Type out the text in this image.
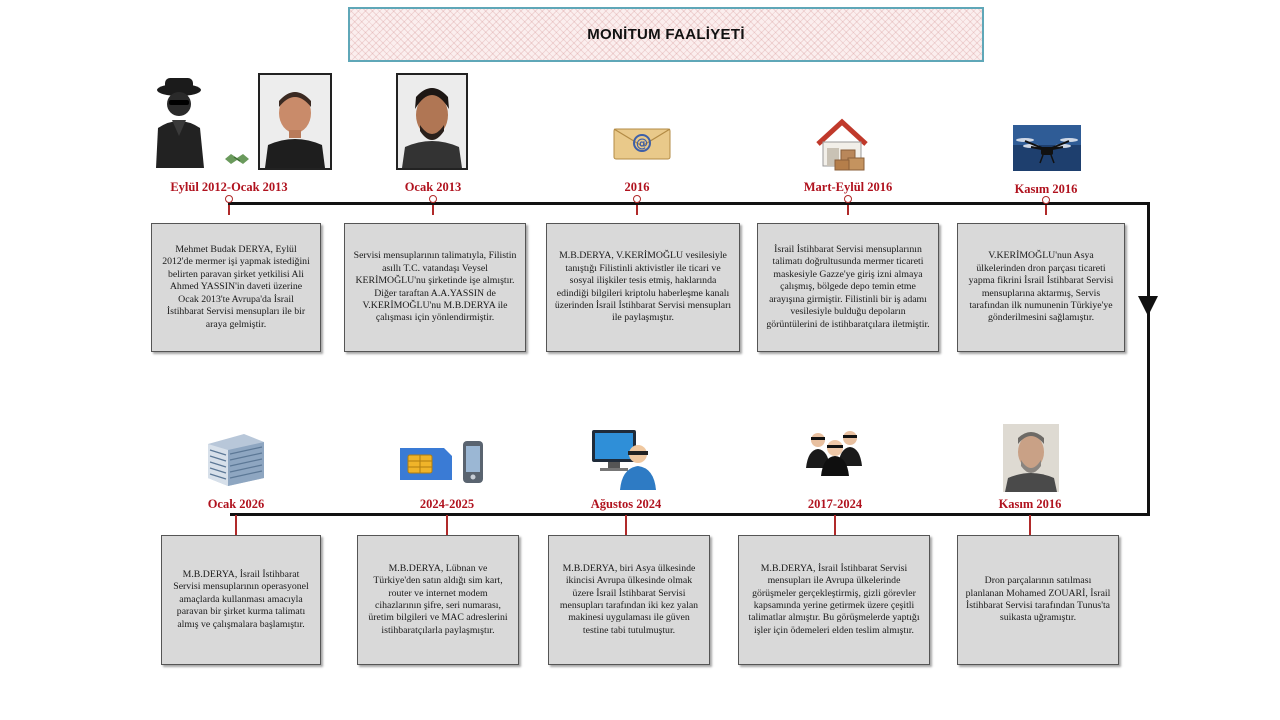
MONİTUM FAALİYETİ
Eylül 2012-Ocak 2013

Mehmet Budak DERYA, Eylül 2012'de mermer işi yapmak istediğini belirten paravan şirket yetkilisi Ali Ahmed YASSIN'in daveti üzerine Ocak 2013'te Avrupa'da İsrail İstihbarat Servisi mensupları ile bir araya gelmiştir.

Ocak 2013

Servisi mensuplarının talimatıyla, Filistin asıllı T.C. vatandaşı Veysel KERİMOĞLU'nu şirketinde işe almıştır. Diğer taraftan A.A.YASSIN de V.KERİMOĞLU'nu M.B.DERYA ile çalışması için yönlendirmiştir.

@
2016

M.B.DERYA, V.KERİMOĞLU vesilesiyle tanıştığı Filistinli aktivistler ile ticari ve sosyal ilişkiler tesis etmiş, haklarında edindiği bilgileri kriptolu haberleşme kanalı üzerinden İsrail İstihbarat Servisi mensupları ile paylaşmıştır.

Mart-Eylül 2016

İsrail İstihbarat Servisi mensuplarının talimatı doğrultusunda mermer ticareti maskesiyle Gazze'ye giriş izni almaya çalışmış, bölgede depo temin etme arayışına girmiştir. Filistinli bir iş adamı vesilesiyle bulduğu depoların görüntülerini de istihbaratçılara iletmiştir.

Kasım 2016

V.KERİMOĞLU'nun Asya ülkelerinden dron parçası ticareti yapma fikrini İsrail İstihbarat Servisi mensuplarına aktarmış, Servis tarafından ilk numunenin Türkiye'ye gönderilmesini sağlamıştır.

Ocak 2026

M.B.DERYA, İsrail İstihbarat Servisi mensuplarının operasyonel amaçlarda kullanması amacıyla paravan bir şirket kurma talimatı almış ve çalışmalara başlamıştır.

2024-2025

M.B.DERYA, Lübnan ve Türkiye'den satın aldığı sim kart, router ve internet modem cihazlarının şifre, seri numarası, üretim bilgileri ve MAC adreslerini istihbaratçılarla paylaşmıştır.

Ağustos 2024

M.B.DERYA, biri Asya ülkesinde ikincisi Avrupa ülkesinde olmak üzere İsrail İstihbarat Servisi mensupları tarafından iki kez yalan makinesi uygulaması ile güven testine tabi tutulmuştur.

2017-2024

M.B.DERYA, İsrail İstihbarat Servisi mensupları ile Avrupa ülkelerinde görüşmeler gerçekleştirmiş, gizli görevler kapsamında yerine getirmek üzere çeşitli talimatlar almıştır. Bu görüşmelerde yaptığı işler için ödemeleri elden teslim almıştır.

Kasım 2016

Dron parçalarının satılması planlanan Mohamed ZOUARİ, İsrail İstihbarat Servisi tarafından Tunus'ta suikasta uğramıştır.
